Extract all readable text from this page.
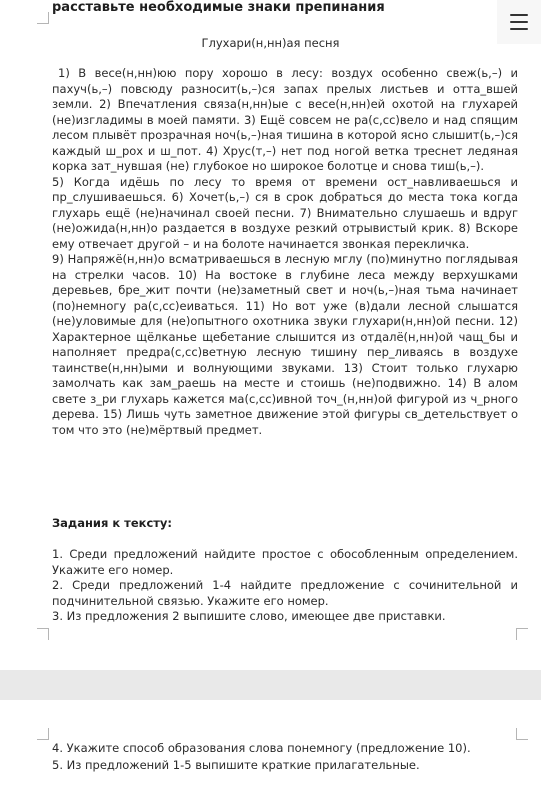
расставьте необходимые знаки препинания
Глухари(н,нн)ая песня

1) В весе(н,нн)юю пору хорошо в лесу: воздух особенно свеж(ь,–) и пахуч(ь,–) повсюду разносит(ь,–)ся запах прелых листьев и отта_вшей земли. 2) Впечатления связа(н,нн)ые с весе(н,нн)ей охотой на глухарей (не)изгладимы в моей памяти. 3) Ещё совсем не ра(с,сс)вело и над спящим лесом плывёт прозрачная ноч(ь,–)ная тишина в которой ясно слышит(ь,–)ся каждый ш_рох и ш_пот. 4) Хрус(т,–) нет под ногой ветка треснет ледяная корка зат_нувшая (не) глубокое но широкое болотце и снова тиш(ь,–).

5) Когда идёшь по лесу то время от времени ост_навливаешься и пр_слушиваешься. 6) Хочет(ь,–) ся в срок добраться до места тока когда глухарь ещё (не)начинал своей песни. 7) Внимательно слушаешь и вдруг (не)ожида(н,нн)о раздается в воздухе резкий отрывистый крик. 8) Вскоре ему отвечает другой – и на болоте начинается звонкая перекличка.

9) Напряжё(н,нн)о всматриваешься в лесную мглу (по)минутно поглядывая на стрелки часов. 10) На востоке в глубине леса между верхушками деревьев, бре_жит почти (не)заметный свет и ноч(ь,–)ная тьма начинает (по)немногу ра(с,сс)еиваться. 11) Но вот уже (в)дали лесной слышатся (не)уловимые для (не)опытного охотника звуки глухари(н,нн)ой песни. 12) Характерное щёлканье щебетание слышится из отдалё(н,нн)ой чащ_бы и наполняет предра(с,сс)ветную лесную тишину пер_ливаясь в воздухе таинстве(н,нн)ыми и волнующими звуками. 13) Стоит только глухарю замолчать как зам_раешь на месте и стоишь (не)подвижно. 14) В алом свете з_ри глухарь кажется ма(с,сс)ивной точ_(н,нн)ой фигурой из ч_рного дерева. 15) Лишь чуть заметное движение этой фигуры св_детельствует о том что это (не)мёртвый предмет.

Задания к тексту:
1. Среди предложений найдите простое с обособленным определением. Укажите его номер.
2. Среди предложений 1-4 найдите предложение с сочинительной и подчинительной связью. Укажите его номер.
3. Из предложения 2 выпишите слово, имеющее две приставки.
4. Укажите способ образования слова понемногу (предложение 10).
5. Из предложений 1-5 выпишите краткие прилагательные.
